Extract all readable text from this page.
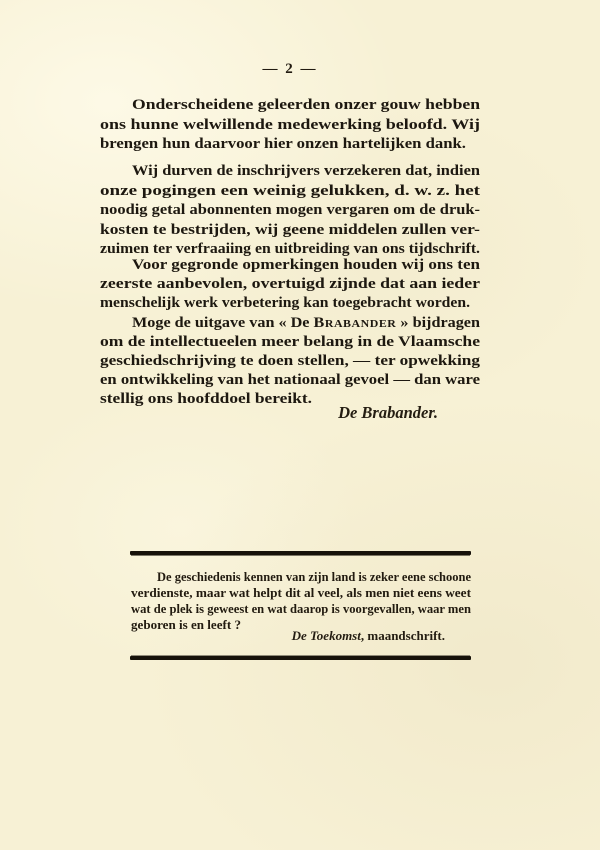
— 2 —
Onderscheidene geleerden onzer gouw hebben
ons hunne welwillende medewerking beloofd. Wij
brengen hun daarvoor hier onzen hartelijken dank.
Wij durven de inschrijvers verzekeren dat, indien
onze pogingen een weinig gelukken, d. w. z. het
noodig getal abonnenten mogen vergaren om de druk-
kosten te bestrijden, wij geene middelen zullen ver-
zuimen ter verfraaiing en uitbreiding van ons tijdschrift.
Voor gegronde opmerkingen houden wij ons ten
zeerste aanbevolen, overtuigd zijnde dat aan ieder
menschelijk werk verbetering kan toegebracht worden.
Moge de uitgave van « De Brabander » bijdragen
om de intellectueelen meer belang in de Vlaamsche
geschiedschrijving te doen stellen, — ter opwekking
en ontwikkeling van het nationaal gevoel — dan ware
stellig ons hoofddoel bereikt.
De Brabander.
De geschiedenis kennen van zijn land is zeker eene schoone
verdienste, maar wat helpt dit al veel, als men niet eens weet
wat de plek is geweest en wat daarop is voorgevallen, waar men
geboren is en leeft ?
De Toekomst, maandschrift.
